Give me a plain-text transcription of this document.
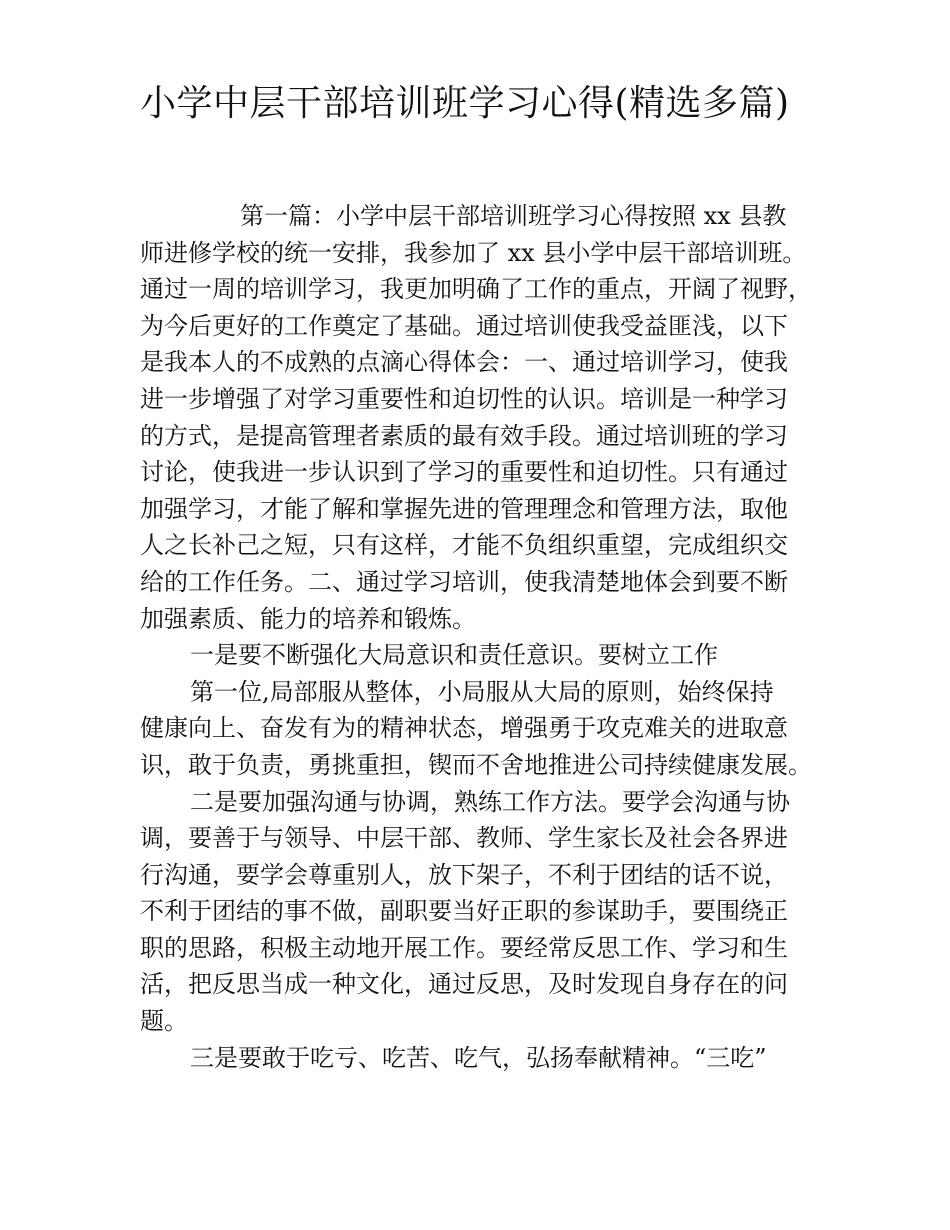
小学中层干部培训班学习心得(精选多篇)

第一篇：小学中层干部培训班学习心得按照 xx 县教
师进修学校的统一安排，我参加了 xx 县小学中层干部培训班。
通过一周的培训学习，我更加明确了工作的重点，开阔了视野，
为今后更好的工作奠定了基础。通过培训使我受益匪浅，以下
是我本人的不成熟的点滴心得体会：一、通过培训学习，使我
进一步增强了对学习重要性和迫切性的认识。培训是一种学习
的方式，是提高管理者素质的最有效手段。通过培训班的学习
讨论，使我进一步认识到了学习的重要性和迫切性。只有通过
加强学习，才能了解和掌握先进的管理理念和管理方法，取他
人之长补己之短，只有这样，才能不负组织重望，完成组织交
给的工作任务。二、通过学习培训，使我清楚地体会到要不断
加强素质、能力的培养和锻炼。

一是要不断强化大局意识和责任意识。要树立工作

第一位,局部服从整体，小局服从大局的原则，始终保持
健康向上、奋发有为的精神状态，增强勇于攻克难关的进取意
识，敢于负责，勇挑重担，锲而不舍地推进公司持续健康发展。

二是要加强沟通与协调，熟练工作方法。要学会沟通与协
调，要善于与领导、中层干部、教师、学生家长及社会各界进
行沟通，要学会尊重别人，放下架子，不利于团结的话不说，
不利于团结的事不做，副职要当好正职的参谋助手，要围绕正
职的思路，积极主动地开展工作。要经常反思工作、学习和生
活，把反思当成一种文化，通过反思，及时发现自身存在的问
题。

三是要敢于吃亏、吃苦、吃气，弘扬奉献精神。“三吃”
